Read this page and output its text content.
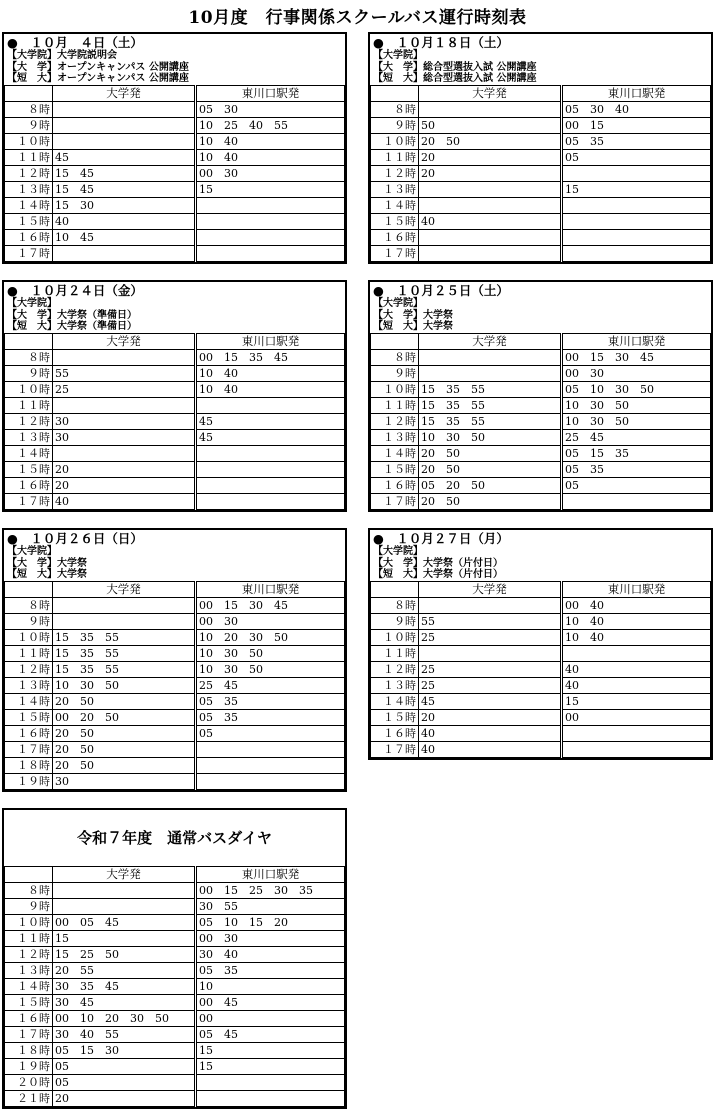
10月度　行事関係スクールバス運行時刻表
●　１０月　４日（土）
【大学院】大学院説明会
【大　学】オープンキャンパス 公開講座
【短　大】オープンキャンパス 公開講座
	大学発	東川口駅発
８時		05　30
９時		10　25　40　55
１０時		10　40
１１時	45	10　40
１２時	15　45	00　30
１３時	15　45	15
１４時	15　30	
１５時	40	
１６時	10　45	
１７時		
●　１０月１８日（土）
【大学院】
【大　学】総合型選抜入試 公開講座
【短　大】総合型選抜入試 公開講座
	大学発	東川口駅発
８時		05　30　40
９時	50	00　15
１０時	20　50	05　35
１１時	20	05
１２時	20	
１３時		15
１４時		
１５時	40	
１６時		
１７時		
●　１０月２４日（金）
【大学院】
【大　学】大学祭（準備日）
【短　大】大学祭（準備日）
	大学発	東川口駅発
８時		00　15　35　45
９時	55	10　40
１０時	25	10　40
１１時		
１２時	30	45
１３時	30	45
１４時		
１５時	20	
１６時	20	
１７時	40	
●　１０月２５日（土）
【大学院】
【大　学】大学祭
【短　大】大学祭
	大学発	東川口駅発
８時		00　15　30　45
９時		00　30
１０時	15　35　55	05　10　30　50
１１時	15　35　55	10　30　50
１２時	15　35　55	10　30　50
１３時	10　30　50	25　45
１４時	20　50	05　15　35
１５時	20　50	05　35
１６時	05　20　50	05
１７時	20　50	
●　１０月２６日（日）
【大学院】
【大　学】大学祭
【短　大】大学祭
	大学発	東川口駅発
８時		00　15　30　45
９時		00　30
１０時	15　35　55	10　20　30　50
１１時	15　35　55	10　30　50
１２時	15　35　55	10　30　50
１３時	10　30　50	25　45
１４時	20　50	05　35
１５時	00　20　50	05　35
１６時	20　50	05
１７時	20　50	
１８時	20　50	
１９時	30	
●　１０月２７日（月）
【大学院】
【大　学】大学祭（片付日）
【短　大】大学祭（片付日）
	大学発	東川口駅発
８時		00　40
９時	55	10　40
１０時	25	10　40
１１時		
１２時	25	40
１３時	25	40
１４時	45	15
１５時	20	00
１６時	40	
１７時	40	
令和７年度　通常バスダイヤ
	大学発	東川口駅発
８時		00　15　25　30　35
９時		30　55
１０時	00　05　45	05　10　15　20
１１時	15	00　30
１２時	15　25　50	30　40
１３時	20　55	05　35
１４時	30　35　45	10
１５時	30　45	00　45
１６時	00　10　20　30　50	00
１７時	30　40　55	05　45
１８時	05　15　30	15
１９時	05	15
２０時	05	
２１時	20	
